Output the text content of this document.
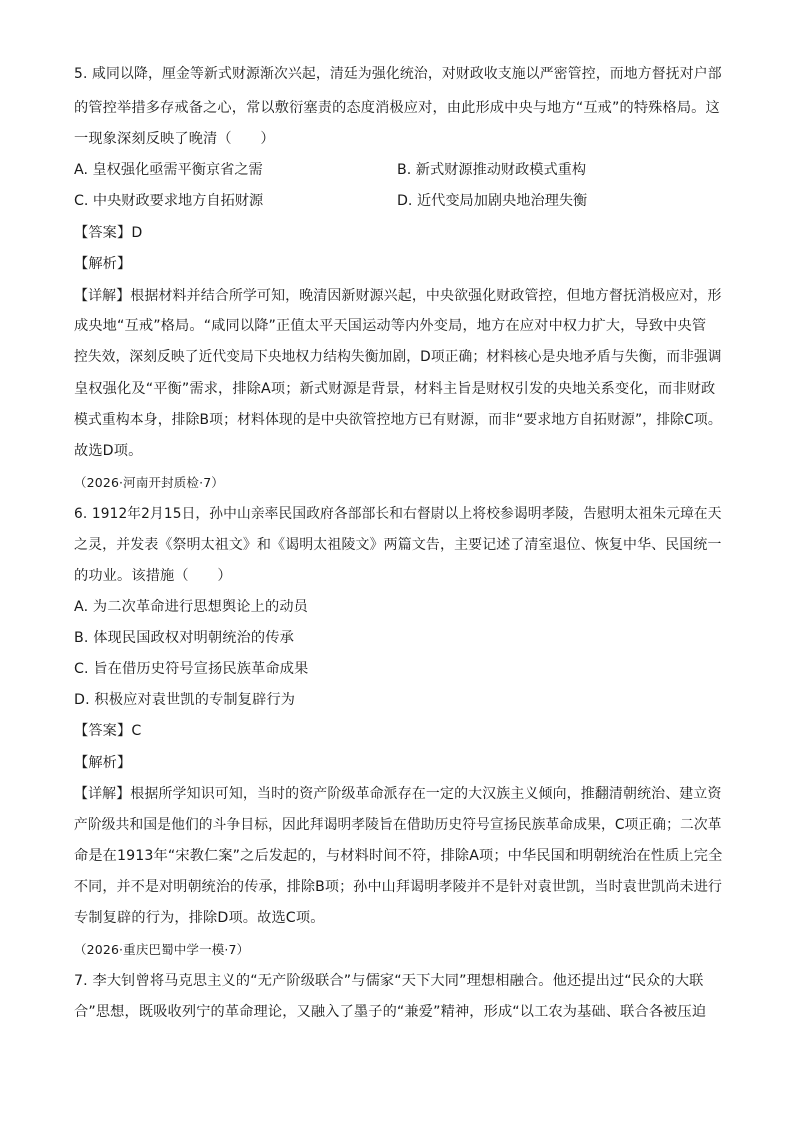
5. 咸同以降，厘金等新式财源渐次兴起，清廷为强化统治，对财政收支施以严密管控，而地方督抚对户部
的管控举措多存戒备之心，常以敷衍塞责的态度消极应对，由此形成中央与地方“互戒”的特殊格局。这
一现象深刻反映了晚清（　　）
A. 皇权强化亟需平衡京省之需	B. 新式财源推动财政模式重构
C. 中央财政要求地方自拓财源	D. 近代变局加剧央地治理失衡
【答案】D
【解析】
【详解】根据材料并结合所学可知，晚清因新财源兴起，中央欲强化财政管控，但地方督抚消极应对，形
成央地“互戒”格局。“咸同以降”正值太平天国运动等内外变局，地方在应对中权力扩大，导致中央管
控失效，深刻反映了近代变局下央地权力结构失衡加剧，D项正确；材料核心是央地矛盾与失衡，而非强调
皇权强化及“平衡”需求，排除A项；新式财源是背景，材料主旨是财权引发的央地关系变化，而非财政
模式重构本身，排除B项；材料体现的是中央欲管控地方已有财源，而非“要求地方自拓财源”，排除C项。
故选D项。
（2026·河南开封质检·7）
6. 1912年2月15日，孙中山亲率民国政府各部部长和右督尉以上将校参谒明孝陵，告慰明太祖朱元璋在天
之灵，并发表《祭明太祖文》和《谒明太祖陵文》两篇文告，主要记述了清室退位、恢复中华、民国统一
的功业。该措施（　　）
A. 为二次革命进行思想舆论上的动员
B. 体现民国政权对明朝统治的传承
C. 旨在借历史符号宣扬民族革命成果
D. 积极应对袁世凯的专制复辟行为
【答案】C
【解析】
【详解】根据所学知识可知，当时的资产阶级革命派存在一定的大汉族主义倾向，推翻清朝统治、建立资
产阶级共和国是他们的斗争目标，因此拜谒明孝陵旨在借助历史符号宣扬民族革命成果，C项正确；二次革
命是在1913年“宋教仁案”之后发起的，与材料时间不符，排除A项；中华民国和明朝统治在性质上完全
不同，并不是对明朝统治的传承，排除B项；孙中山拜谒明孝陵并不是针对袁世凯，当时袁世凯尚未进行
专制复辟的行为，排除D项。故选C项。
（2026·重庆巴蜀中学一模·7）
7. 李大钊曾将马克思主义的“无产阶级联合”与儒家“天下大同”理想相融合。他还提出过“民众的大联
合”思想，既吸收列宁的革命理论，又融入了墨子的“兼爱”精神，形成“以工农为基础、联合各被压迫
